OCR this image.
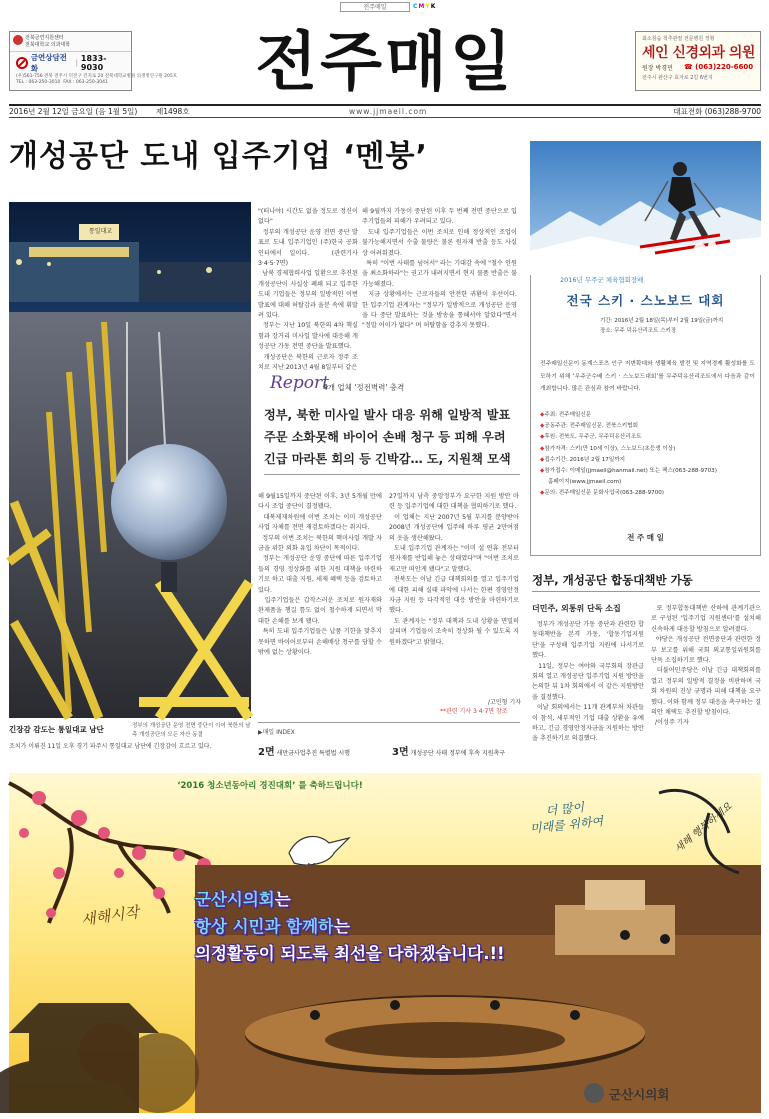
전주매일	CMYK
전북금연지원센터
전북대학교 의과대학
금연상담전화
| 1833-9030
(우)561-756 전북 전주시 덕진구 건지로 20 전북대학교병원 의생명연구원 205호
TEL : 063-250-3010  FAX : 063-250-3041 전주매일	최소침습 척추관절 전문병원 정형
세인 신경외과 의원
원장 박경민 ☎ (063)220-6600
전주시 완산구 효자로 2길 6번지
2016년 2월 12일 금요일 (음 1월 5일) 제1498호	www.jjmaeil.com	대표전화 (063)288-9700
개성공단 도내 입주기업 ‘멘붕’
통일대교
긴장감 감도는 통일대교 남단	정부의 개성공단 운영 전면 중단이 이어 북한의 남측 개성공단의 모든 자산 동결
조치가 이뤄진 11일 오후 경기 파주시 통일대교 남단에 긴장감이 흐르고 있다.
"(떠나야) 시간도 없을 정도로 정신이 없다"
정부의 개성공단 운영 전면 중단 발표로 도내 입주기업인 (주)한국 공화인터에서 일이다.   (관련기사 3·4·5·7면)
남북 경제협력사업 일환으로 추진된 개성공단이 사실상 폐쇄 되고 입주한 도내 기업들은 정부의 일방적인 이번 발표에 대해 허탈감과 울분 속에 휘말려 있다.
정부는 지난 10일 북한의 4차 핵실험과 장거리 미사일 발사에 대응해 개성공단 가동 전면 중단을 발표했다.
개성공단은 북한의 근로자 정주 조치로 지난 2013년 4월 8일부터 같은
해 9월까지 가동이 중단된 이후 두 번째 전면 중단으로 입주기업들의 피해가 우려되고 있다.
도내 입주기업들은 이번 조치로 인해 정상적인 조업이 불가능해지면서 수출 물량은 물론 원자재 반출 등도 사실상 어려워졌다.
특히 "이번 사태를 넘어서" 라는 기대감 속에 "철수 인원을 최소화하라"는 권고가 내려지면서 현지 물품 반출은 불가능해졌다.
지금 상황에서는 근로자들의 안전한 귀환이 우선이다. 한 입주기업 관계자는 "정부가 일방적으로 개성공단 운영을 다 중단 발표하는 것을 방송을 통해서야 알았다"면서 "정말 어이가 없다" 며 허탈함을 감추지 못했다.
Report
4개 업체 '정전벽력' 충격
정부, 북한 미사일 발사 대응 위해 일방적 발표
주문 소화못해 바이어 손배 청구 등 피해 우려
긴급 마라톤 회의 등 긴박감… 도, 지원책 모색
해 9월15일까지 중단된 이후, 3년 5개월 만에 다시 조업 중단이 결정됐다.
대북제재차원에 이번 조치는 이미 개성공단 사업 자체를 전면 재검토하겠다는 취지다.
정부의 이번 조치는 북한의 핵미사일 개발 자금을 위한 외화 유입 차단이 목적이다.
정부는 개성공단 운영 중단에 따른 입주기업들의 경영 정상화를 위한 지원 대책을 마련하기로 하고 대출 지원, 세제 혜택 등을 검토하고 있다.
입주기업들은 갑작스러운 조치로 원자재와 완제품을 챙길 틈도 없이 철수하게 되면서 막대한 손해를 보게 됐다.
특히 도내 입주기업들은 납품 기한을 맞추지 못하면 바이어로부터 손해배상 청구를 당할 수밖에 없는 상황이다.
27일까지 남측 중앙정부가 요구한 지원 방안 마련 등 입주기업에 대한 대책을 협의하기로 했다.
이 업체는 지난 2007년 5월 부지를 분양받아 2008년 개성공단에 입주해 하루 평균 2만여점의 옷을 생산해왔다.
도내 입주기업 관계자는 "이미 설 연휴 전부터 원자재를 반입해 놓은 상태였다"며 "이번 조치로 재고만 떠안게 됐다"고 말했다.
전북도는 이날 긴급 대책회의를 열고 입주기업에 대한 피해 실태 파악에 나서는 한편 경영안정자금 지원 등 다각적인 대응 방안을 마련하기로 했다.
도 관계자는 "정부 대책과 도내 상황을 면밀히 살피며 기업들이 조속히 정상화 될 수 있도록 지원하겠다"고 밝혔다.
/고민형 기자
**관련 기사 3·4·7면 참조
▶매일 INDEX
2면 새만금사업추진 특별법 시행	3면 개성공단 사태 정부에 후속 지원촉구
2016년 무주군 체육협회장배
전국 스키 · 스노보드 대회
기간: 2016년 2월 18일(목)부터 2월 19일(금)까지
장소: 무주 덕유산리조트 스키장
전주매일신문이 동계스포츠 인구 저변확대와 생활체육 발전 및 지역경제 활성화를 도모하기 위해 ‘무주군수배 스키 · 스노보드대회’를 무주덕유산리조트에서 다음과 같이 개최합니다. 많은 관심과 참여 바랍니다.
◆주최: 전주매일신문
◆공동주관: 전주매일신문, 전북스키협회
◆후원: 전북도, 무주군, 무주덕유산리조트
◆참가자격: 스키(만 10세 이상), 스노보드(초등생 이상)
◆접수기간: 2016년 2월 17일까지
◆참가접수: 이메일(jjmaeil@hanmail.net) 또는 팩스(063-288-9703)
홈페이지(www.jjmaeil.com)
◆문의: 전주매일신문 문화사업국(063-288-9700)
전 주 매 일
정부, 개성공단 합동대책반 가동
더민주, 외통위 단독 소집
정부가 개성공단 가동 중단과 관련한 합동대책반을 본격 가동, '합동기업지원단'을 구성해 입주기업 지원에 나서기로 했다.
11일, 정부는 여야와 국무회의 장관급 회의 열고 개성공단 입주기업 지원 방안을 논의한 뒤 1차 회의에서 이 같은 지원방안을 결정했다.
이날 회의에서는 11개 관계부처 차관들이 참석, 세부적인 기업 대출 상환을 유예하고, 긴급 경영안정자금을 지원하는 방안을 추진하기로 의결했다.
또 정부합동대책반 산하에 관계기관으로 구성된 '입주기업 지원센터'를 설치해 신속하게 대응할 방침으로 알려졌다.
야당은 개성공단 전면중단과 관련한 정부 보고를 위해 국회 외교통일위원회를 단독 소집하기로 했다.
더불어민주당은 이날 긴급 대책회의를 열고 정부의 일방적 결정을 비판하며 국회 차원의 진상 규명과 피해 대책을 요구했다. 이와 함께 정부 대응을 촉구하는 결의안 채택도 추진할 방침이다.
/이성주 기자
‘2016 청소년동아리 경진대회’ 를 축하드립니다!
군산시의회는
항상 시민과 함께하는
의정활동이 되도록 최선을 다하겠습니다.!!
새해시작
더 많이
미래를 위하여	새해 행복하세요
군산시의회
